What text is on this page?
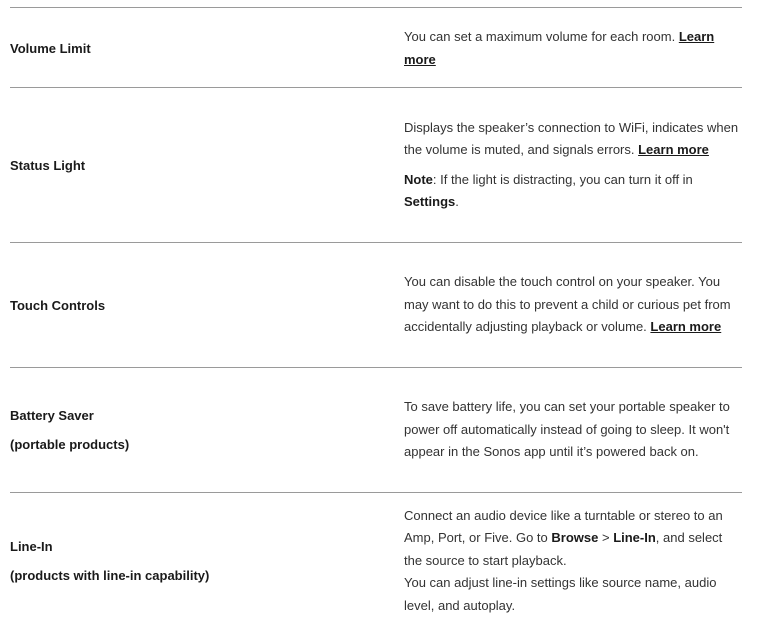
Volume Limit

You can set a maximum volume for each room. Learn more

Status Light

Displays the speaker’s connection to WiFi, indicates when the volume is muted, and signals errors. Learn more

Note: If the light is distracting, you can turn it off in Settings.

Touch Controls

You can disable the touch control on your speaker. You may want to do this to prevent a child or curious pet from accidentally adjusting playback or volume. Learn more

Battery Saver
(portable products)

To save battery life, you can set your portable speaker to power off automatically instead of going to sleep. It won't appear in the Sonos app until it’s powered back on.

Line-In
(products with line-in capability)

Connect an audio device like a turntable or stereo to an Amp, Port, or Five. Go to Browse > Line-In, and select the source to start playback.

You can adjust line-in settings like source name, audio level, and autoplay.
